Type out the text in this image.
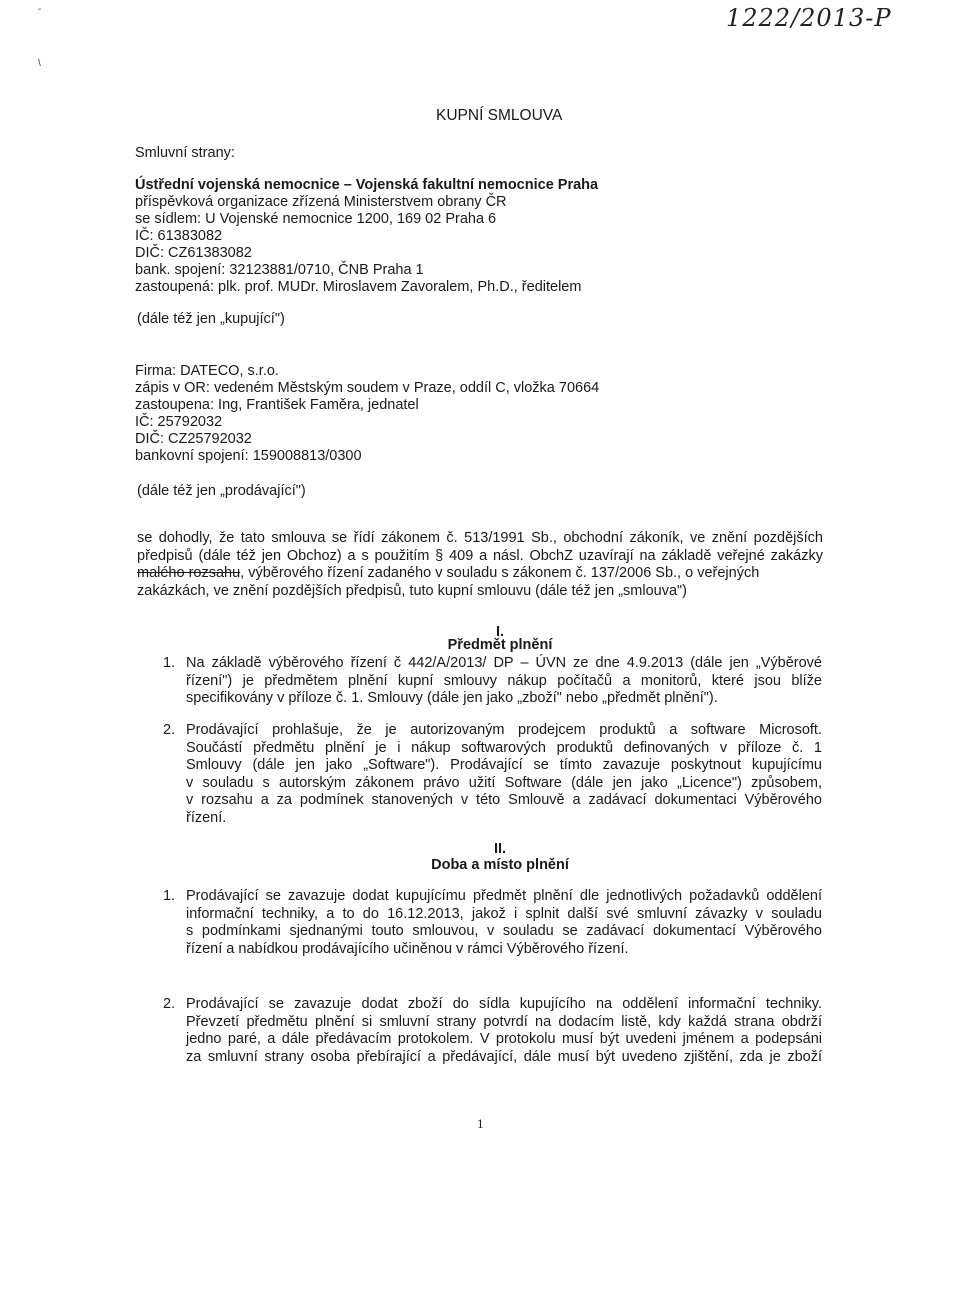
1222/2013-P
-
\
KUPNÍ SMLOUVA
Smluvní strany:
Ústřední vojenská nemocnice – Vojenská fakultní nemocnice Praha
příspěvková organizace zřízená Ministerstvem obrany ČR
se sídlem: U Vojenské nemocnice 1200, 169 02 Praha 6
IČ: 61383082
DIČ: CZ61383082
bank. spojení: 32123881/0710, ČNB Praha 1
zastoupená: plk. prof. MUDr. Miroslavem Zavoralem, Ph.D., ředitelem
(dále též jen „kupující")
Firma: DATECO, s.r.o.
zápis v OR: vedeném Městským soudem v Praze, oddíl C, vložka 70664
zastoupena: Ing, František Faměra, jednatel
IČ: 25792032
DIČ: CZ25792032
bankovní spojení: 159008813/0300
(dále též jen „prodávající")
se dohodly, že tato smlouva se řídí zákonem č. 513/1991 Sb., obchodní zákoník, ve znění pozdějších
předpisů (dále též jen Obchoz) a s použitím § 409 a násl. ObchZ uzavírají na základě veřejné zakázky
malého rozsahu, výběrového řízení zadaného v souladu s zákonem č. 137/2006 Sb., o veřejných
zakázkách, ve znění pozdějších předpisů, tuto kupní smlouvu (dále též jen „smlouva")
I.
Předmět plnění
1. Na základě výběrového řízení č 442/A/2013/ DP – ÚVN ze dne 4.9.2013 (dále jen „Výběrové
řízení") je předmětem plnění kupní smlouvy nákup počítačů a monitorů, které jsou blíže
specifikovány v příloze č. 1. Smlouvy (dále jen jako „zboží" nebo „předmět plnění").
2. Prodávající prohlašuje, že je autorizovaným prodejcem produktů a software Microsoft.
Součástí předmětu plnění je i nákup softwarových produktů definovaných v příloze č. 1
Smlouvy (dále jen jako „Software"). Prodávající se tímto zavazuje poskytnout kupujícímu
v souladu s autorským zákonem právo užití Software (dále jen jako „Licence") způsobem,
v rozsahu a za podmínek stanovených v této Smlouvě a zadávací dokumentaci Výběrového
řízení.
II.
Doba a místo plnění
1. Prodávající se zavazuje dodat kupujícímu předmět plnění dle jednotlivých požadavků oddělení
informační techniky, a to do 16.12.2013, jakož i splnit další své smluvní závazky v souladu
s podmínkami sjednanými touto smlouvou, v souladu se zadávací dokumentací Výběrového
řízení a nabídkou prodávajícího učiněnou v rámci Výběrového řízení.
2. Prodávající se zavazuje dodat zboží do sídla kupujícího na oddělení informační techniky.
Převzetí předmětu plnění si smluvní strany potvrdí na dodacím listě, kdy každá strana obdrží
jedno paré, a dále předávacím protokolem. V protokolu musí být uvedeni jménem a podepsáni
za smluvní strany osoba přebírající a předávající, dále musí být uvedeno zjištění, zda je zboží
1
